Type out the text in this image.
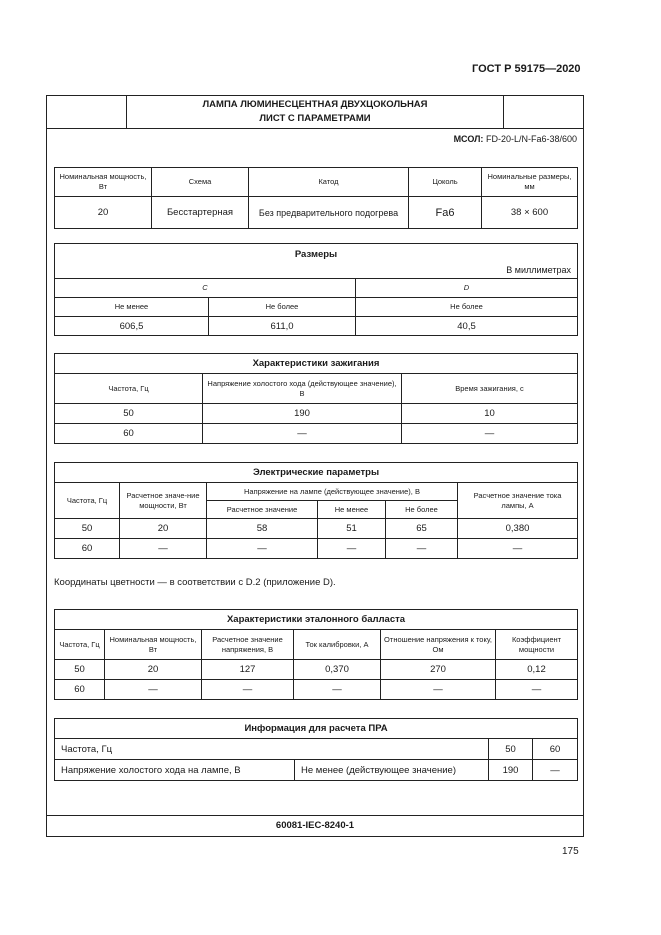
ГОСТ Р 59175—2020
ЛАМПА ЛЮМИНЕСЦЕНТНАЯ ДВУХЦОКОЛЬНАЯ
ЛИСТ С ПАРАМЕТРАМИ
МСОЛ: FD-20-L/N-Fa6-38/600
Номинальная мощность, Вт	Схема	Катод	Цоколь	Номинальные размеры, мм
20	Бесстартерная	Без предварительного подогрева	Fa6	38 × 600
Размеры
В миллиметрах		

C		D
Не менее	Не более	Не более
606,5	611,0	40,5
Характеристики зажигания		
Частота, Гц	Напряжение холостого хода (действующее значение), В	Время зажигания, с
50	190	10
60	—	—
Электрические параметры					
Частота, Гц	Расчетное значе-ние мощности, Вт	Напряжение на лампе (действующее значение), В			Расчетное значение тока лампы, А
		Расчетное значение	Не менее	Не более	
50	20	58	51	65	0,380
60	—	—	—	—	—
Координаты цветности — в соответствии с D.2 (приложение D).
Характеристики эталонного балласта					
Частота, Гц	Номинальная мощность, Вт	Расчетное значение напряжения, В	Ток калибровки, А	Отношение напряжения к току, Ом	Коэффициент мощности
50	20	127	0,370	270	0,12
60	—	—	—	—	—
Информация для расчета ПРА			
Частота, Гц		50	60
Напряжение холостого хода на лампе, В	Не менее (действующее значение)	190	—
60081-IEC-8240-1
175
